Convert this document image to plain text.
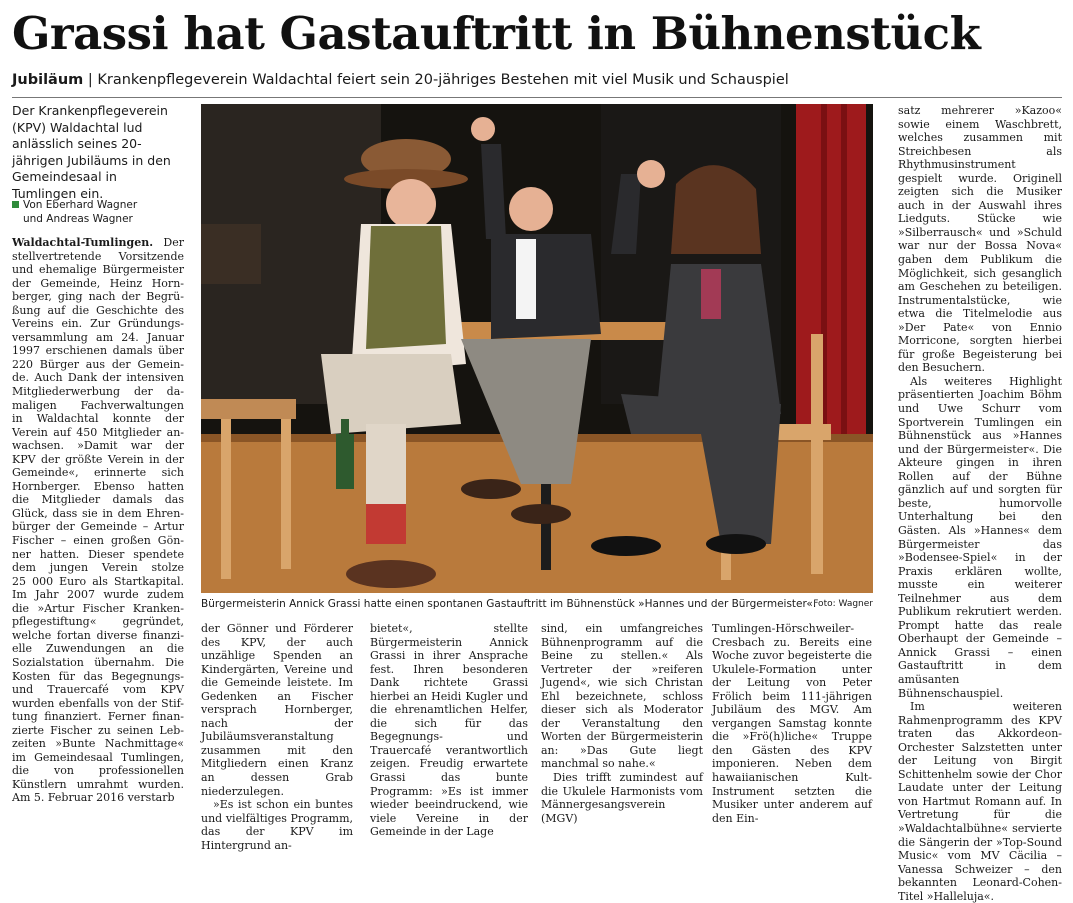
Grassi hat Gastauftritt in Bühnenstück
Jubiläum | Krankenpflegeverein Waldachtal feiert sein 20-jähriges Bestehen mit viel Musik und Schauspiel

Der Krankenpflegeverein (KPV) Waldachtal lud anlässlich seines 20-jährigen Jubiläums in den Gemeindesaal in Tumlingen ein.

Von Eberhard Wagner
und Andreas Wagner
Waldachtal-Tumlingen. Der
stellvertretende Vorsitzende
und ehemalige Bürgermeister
der Gemeinde, Heinz Horn-
berger, ging nach der Begrü-
ßung auf die Geschichte des
Vereins ein. Zur Gründungs-
versammlung am 24. Januar
1997 erschienen damals über
220 Bürger aus der Gemein-
de. Auch Dank der intensiven
Mitgliederwerbung der da-
maligen Fachverwaltungen
in Waldachtal konnte der
Verein auf 450 Mitglieder an-
wachsen. »Damit war der
KPV der größte Verein in der
Gemeinde«, erinnerte sich
Hornberger. Ebenso hatten
die Mitglieder damals das
Glück, dass sie in dem Ehren-
bürger der Gemeinde – Artur
Fischer – einen großen Gön-
ner hatten. Dieser spendete
dem jungen Verein stolze
25 000 Euro als Startkapital.
Im Jahr 2007 wurde zudem
die »Artur Fischer Kranken-
pflegestiftung« gegründet,
welche fortan diverse finanzi-
elle Zuwendungen an die
Sozialstation übernahm. Die
Kosten für das Begegnungs-
und Trauercafé vom KPV
wurden ebenfalls von der Stif-
tung finanziert. Ferner finan-
zierte Fischer zu seinen Leb-
zeiten »Bunte Nachmittage«
im Gemeindesaal Tumlingen,
die von professionellen
Künstlern umrahmt wurden.
Am 5. Februar 2016 verstarb
Bürgermeisterin Annick Grassi hatte einen spontanen Gastauftritt im Bühnenstück »Hannes und der Bürgermeister«.
Foto: Wagner

der Gönner und Förderer des KPV, der auch unzählige Spenden an Kindergärten, Vereine und die Gemeinde leistete. Im Gedenken an Fischer versprach Hornberger, nach der Jubiläumsveranstaltung zusammen mit den Mitgliedern einen Kranz an dessen Grab niederzulegen.

»Es ist schon ein buntes und vielfältiges Programm, das der KPV im Hintergrund an-

bietet«, stellte Bürgermeisterin Annick Grassi in ihrer Ansprache fest. Ihren besonderen Dank richtete Grassi hierbei an Heidi Kugler und die ehrenamtlichen Helfer, die sich für das Begegnungs- und Trauercafé verantwortlich zeigen. Freudig erwartete Grassi das bunte Programm: »Es ist immer wieder beeindruckend, wie viele Vereine in der Gemeinde in der Lage

sind, ein umfangreiches Bühnenprogramm auf die Beine zu stellen.« Als Vertreter der »reiferen Jugend«, wie sich Christan Ehl bezeichnete, schloss dieser sich als Moderator der Veranstaltung den Worten der Bürgermeisterin an: »Das Gute liegt manchmal so nahe.«

Dies trifft zumindest auf die Ukulele Harmonists vom Männergesangsverein (MGV)

Tumlingen-Hörschweiler-Cresbach zu. Bereits eine Woche zuvor begeisterte die Ukulele-Formation unter der Leitung von Peter Frölich beim 111-jährigen Jubiläum des MGV. Am vergangen Samstag konnte die »Frö(h)liche« Truppe den Gästen des KPV imponieren. Neben dem hawaiianischen Kult-Instrument setzten die Musiker unter anderem auf den Ein-

satz mehrerer »Kazoo« sowie einem Waschbrett, welches zusammen mit Streichbesen als Rhythmusinstrument gespielt wurde. Originell zeigten sich die Musiker auch in der Auswahl ihres Liedguts. Stücke wie »Silberrausch« und »Schuld war nur der Bossa Nova« gaben dem Publikum die Möglichkeit, sich gesanglich am Geschehen zu beteiligen. Instrumentalstücke, wie etwa die Titelmelodie aus »Der Pate« von Ennio Morricone, sorgten hierbei für große Begeisterung bei den Besuchern.

Als weiteres Highlight präsentierten Joachim Böhm und Uwe Schurr vom Sportverein Tumlingen ein Bühnenstück aus »Hannes und der Bürgermeister«. Die Akteure gingen in ihren Rollen auf der Bühne gänzlich auf und sorgten für beste, humorvolle Unterhaltung bei den Gästen. Als »Hannes« dem Bürgermeister das »Bodensee-Spiel« in der Praxis erklären wollte, musste ein weiterer Teilnehmer aus dem Publikum rekrutiert werden. Prompt hatte das reale Oberhaupt der Gemeinde – Annick Grassi – einen Gastauftritt in dem amüsanten Bühnenschauspiel.

Im weiteren Rahmenprogramm des KPV traten das Akkordeon-Orchester Salzstetten unter der Leitung von Birgit Schittenhelm sowie der Chor Laudate unter der Leitung von Hartmut Romann auf. In Vertretung für die »Waldachtalbühne« servierte die Sängerin der »Top-Sound Music« vom MV Cäcilia – Vanessa Schweizer – den bekannten Leonard-Cohen-Titel »Halleluja«.
